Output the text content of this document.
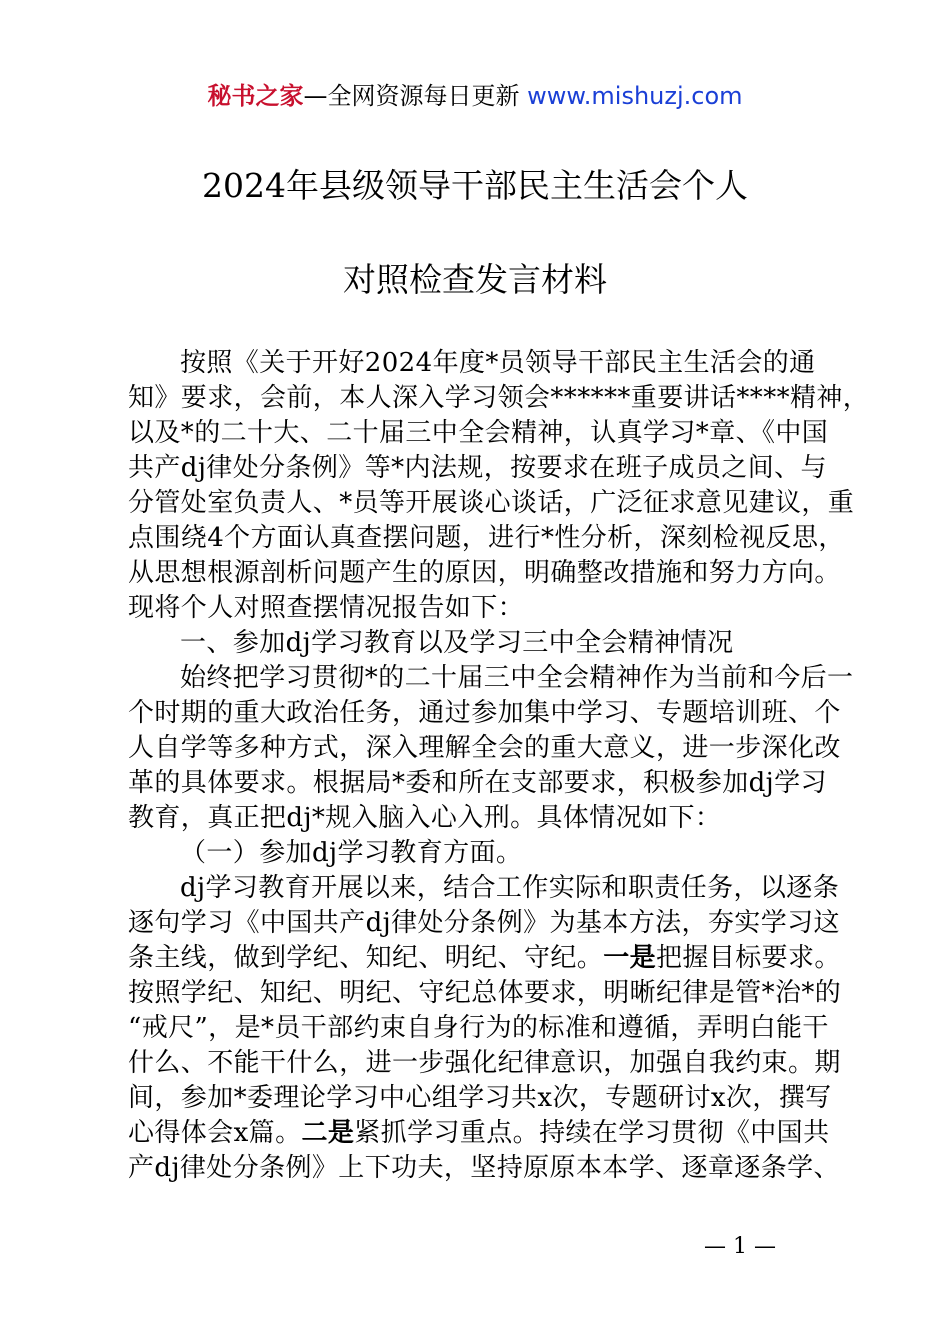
秘书之家—全网资源每日更新 www.mishuzj.com
2024年县级领导干部民主生活会个人
对照检查发言材料
按照《关于开好2024年度*员领导干部民主生活会的通
知》要求，会前，本人深入学习领会******重要讲话****精神，
以及*的二十大、二十届三中全会精神，认真学习*章、《中国
共产dj律处分条例》等*内法规，按要求在班子成员之间、与
分管处室负责人、*员等开展谈心谈话，广泛征求意见建议，重
点围绕4个方面认真查摆问题，进行*性分析，深刻检视反思，
从思想根源剖析问题产生的原因，明确整改措施和努力方向。
现将个人对照查摆情况报告如下：
一、参加dj学习教育以及学习三中全会精神情况
始终把学习贯彻*的二十届三中全会精神作为当前和今后一
个时期的重大政治任务，通过参加集中学习、专题培训班、个
人自学等多种方式，深入理解全会的重大意义，进一步深化改
革的具体要求。根据局*委和所在支部要求，积极参加dj学习
教育，真正把dj*规入脑入心入刑。具体情况如下：
（一）参加dj学习教育方面。
dj学习教育开展以来，结合工作实际和职责任务，以逐条
逐句学习《中国共产dj律处分条例》为基本方法，夯实学习这
条主线，做到学纪、知纪、明纪、守纪。一是把握目标要求。
按照学纪、知纪、明纪、守纪总体要求，明晰纪律是管*治*的
“戒尺”，是*员干部约束自身行为的标准和遵循，弄明白能干
什么、不能干什么，进一步强化纪律意识，加强自我约束。期
间，参加*委理论学习中心组学习共x次，专题研讨x次，撰写
心得体会x篇。二是紧抓学习重点。持续在学习贯彻《中国共
产dj律处分条例》上下功夫，坚持原原本本学、逐章逐条学、
— 1 —
